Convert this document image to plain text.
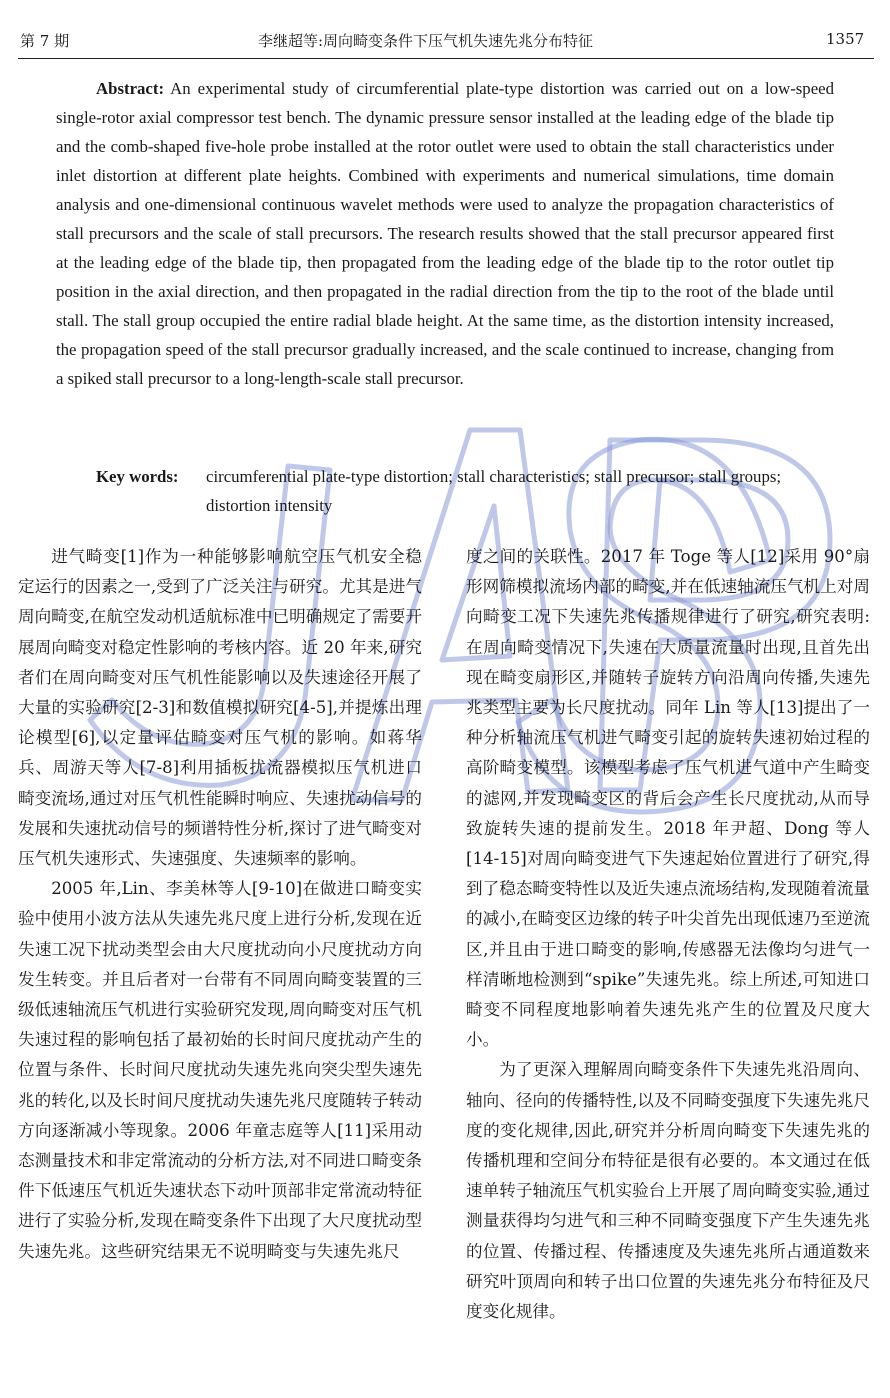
第 7 期	李继超等:周向畸变条件下压气机失速先兆分布特征	1357
Abstract: An experimental study of circumferential plate-type distortion was carried out on a low-speed single-rotor axial compressor test bench. The dynamic pressure sensor installed at the leading edge of the blade tip and the comb-shaped five-hole probe installed at the rotor outlet were used to obtain the stall characteristics under inlet distortion at different plate heights. Combined with experiments and numerical simulations, time domain analysis and one-dimensional continuous wavelet methods were used to analyze the propagation characteristics of stall precursors and the scale of stall precursors. The research results showed that the stall precursor appeared first at the leading edge of the blade tip, then propagated from the leading edge of the blade tip to the rotor outlet tip position in the axial direction, and then propagated in the radial direction from the tip to the root of the blade until stall. The stall group occupied the entire radial blade height. At the same time, as the distortion intensity increased, the propagation speed of the stall precursor gradually increased, and the scale continued to increase, changing from a spiked stall precursor to a long-length-scale stall precursor.
Key words:	circumferential plate-type distortion; stall characteristics; stall precursor; stall groups; distortion intensity

进气畸变[1]作为一种能够影响航空压气机安全稳定运行的因素之一,受到了广泛关注与研究。尤其是进气周向畸变,在航空发动机适航标准中已明确规定了需要开展周向畸变对稳定性影响的考核内容。近 20 年来,研究者们在周向畸变对压气机性能影响以及失速途径开展了大量的实验研究[2-3]和数值模拟研究[4-5],并提炼出理论模型[6],以定量评估畸变对压气机的影响。如蒋华兵、周游天等人[7-8]利用插板扰流器模拟压气机进口畸变流场,通过对压气机性能瞬时响应、失速扰动信号的发展和失速扰动信号的频谱特性分析,探讨了进气畸变对压气机失速形式、失速强度、失速频率的影响。

2005 年,Lin、李美林等人[9-10]在做进口畸变实验中使用小波方法从失速先兆尺度上进行分析,发现在近失速工况下扰动类型会由大尺度扰动向小尺度扰动方向发生转变。并且后者对一台带有不同周向畸变装置的三级低速轴流压气机进行实验研究发现,周向畸变对压气机失速过程的影响包括了最初始的长时间尺度扰动产生的位置与条件、长时间尺度扰动失速先兆向突尖型失速先兆的转化,以及长时间尺度扰动失速先兆尺度随转子转动方向逐渐减小等现象。2006 年童志庭等人[11]采用动态测量技术和非定常流动的分析方法,对不同进口畸变条件下低速压气机近失速状态下动叶顶部非定常流动特征进行了实验分析,发现在畸变条件下出现了大尺度扰动型失速先兆。这些研究结果无不说明畸变与失速先兆尺

度之间的关联性。2017 年 Toge 等人[12]采用 90°扇形网筛模拟流场内部的畸变,并在低速轴流压气机上对周向畸变工况下失速先兆传播规律进行了研究,研究表明:在周向畸变情况下,失速在大质量流量时出现,且首先出现在畸变扇形区,并随转子旋转方向沿周向传播,失速先兆类型主要为长尺度扰动。同年 Lin 等人[13]提出了一种分析轴流压气机进气畸变引起的旋转失速初始过程的高阶畸变模型。该模型考虑了压气机进气道中产生畸变的滤网,并发现畸变区的背后会产生长尺度扰动,从而导致旋转失速的提前发生。2018 年尹超、Dong 等人[14-15]对周向畸变进气下失速起始位置进行了研究,得到了稳态畸变特性以及近失速点流场结构,发现随着流量的减小,在畸变区边缘的转子叶尖首先出现低速乃至逆流区,并且由于进口畸变的影响,传感器无法像均匀进气一样清晰地检测到“spike”失速先兆。综上所述,可知进口畸变不同程度地影响着失速先兆产生的位置及尺度大小。

为了更深入理解周向畸变条件下失速先兆沿周向、轴向、径向的传播特性,以及不同畸变强度下失速先兆尺度的变化规律,因此,研究并分析周向畸变下失速先兆的传播机理和空间分布特征是很有必要的。本文通过在低速单转子轴流压气机实验台上开展了周向畸变实验,通过测量获得均匀进气和三种不同畸变强度下产生失速先兆的位置、传播过程、传播速度及失速先兆所占通道数来研究叶顶周向和转子出口位置的失速先兆分布特征及尺度变化规律。
